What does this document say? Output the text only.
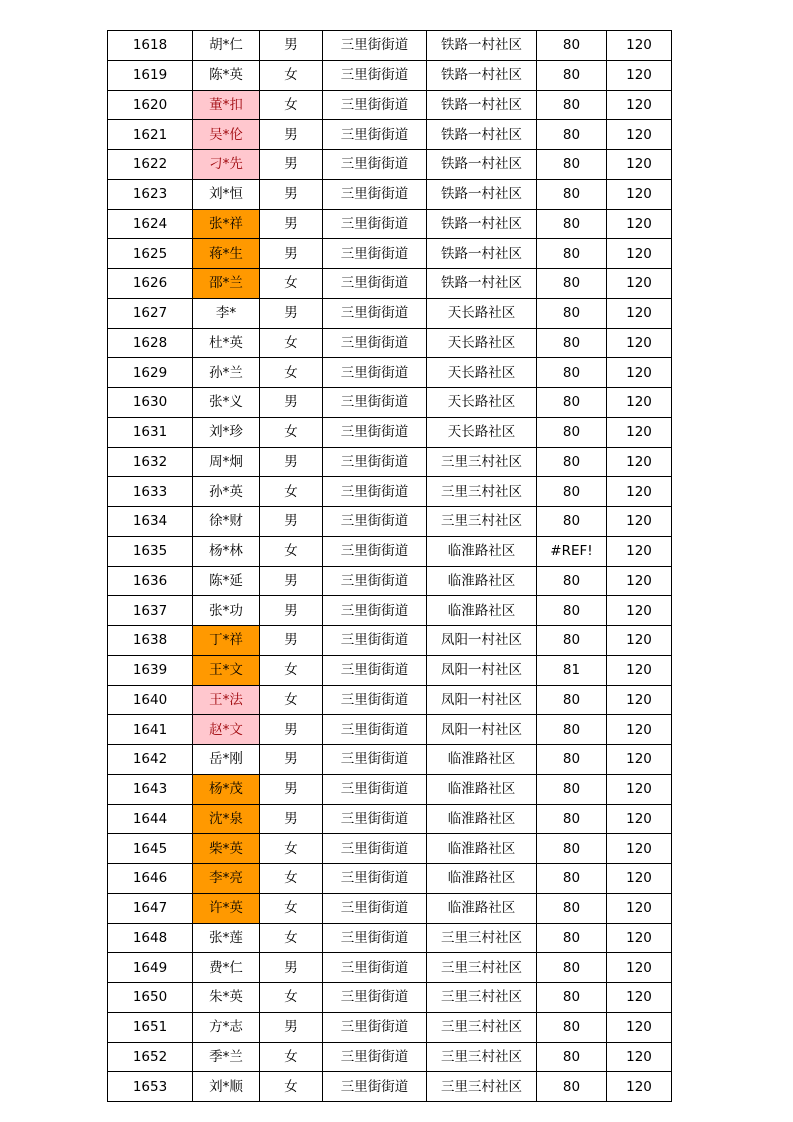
1618	胡*仁	男	三里街街道	铁路一村社区	80	120
1619	陈*英	女	三里街街道	铁路一村社区	80	120
1620	董*扣	女	三里街街道	铁路一村社区	80	120
1621	吴*伦	男	三里街街道	铁路一村社区	80	120
1622	刁*先	男	三里街街道	铁路一村社区	80	120
1623	刘*恒	男	三里街街道	铁路一村社区	80	120
1624	张*祥	男	三里街街道	铁路一村社区	80	120
1625	蒋*生	男	三里街街道	铁路一村社区	80	120
1626	邵*兰	女	三里街街道	铁路一村社区	80	120
1627	李*	男	三里街街道	天长路社区	80	120
1628	杜*英	女	三里街街道	天长路社区	80	120
1629	孙*兰	女	三里街街道	天长路社区	80	120
1630	张*义	男	三里街街道	天长路社区	80	120
1631	刘*珍	女	三里街街道	天长路社区	80	120
1632	周*炯	男	三里街街道	三里三村社区	80	120
1633	孙*英	女	三里街街道	三里三村社区	80	120
1634	徐*财	男	三里街街道	三里三村社区	80	120
1635	杨*林	女	三里街街道	临淮路社区	#REF!	120
1636	陈*延	男	三里街街道	临淮路社区	80	120
1637	张*功	男	三里街街道	临淮路社区	80	120
1638	丁*祥	男	三里街街道	凤阳一村社区	80	120
1639	王*文	女	三里街街道	凤阳一村社区	81	120
1640	王*法	女	三里街街道	凤阳一村社区	80	120
1641	赵*文	男	三里街街道	凤阳一村社区	80	120
1642	岳*刚	男	三里街街道	临淮路社区	80	120
1643	杨*茂	男	三里街街道	临淮路社区	80	120
1644	沈*泉	男	三里街街道	临淮路社区	80	120
1645	柴*英	女	三里街街道	临淮路社区	80	120
1646	李*亮	女	三里街街道	临淮路社区	80	120
1647	许*英	女	三里街街道	临淮路社区	80	120
1648	张*莲	女	三里街街道	三里三村社区	80	120
1649	费*仁	男	三里街街道	三里三村社区	80	120
1650	朱*英	女	三里街街道	三里三村社区	80	120
1651	方*志	男	三里街街道	三里三村社区	80	120
1652	季*兰	女	三里街街道	三里三村社区	80	120
1653	刘*顺	女	三里街街道	三里三村社区	80	120
